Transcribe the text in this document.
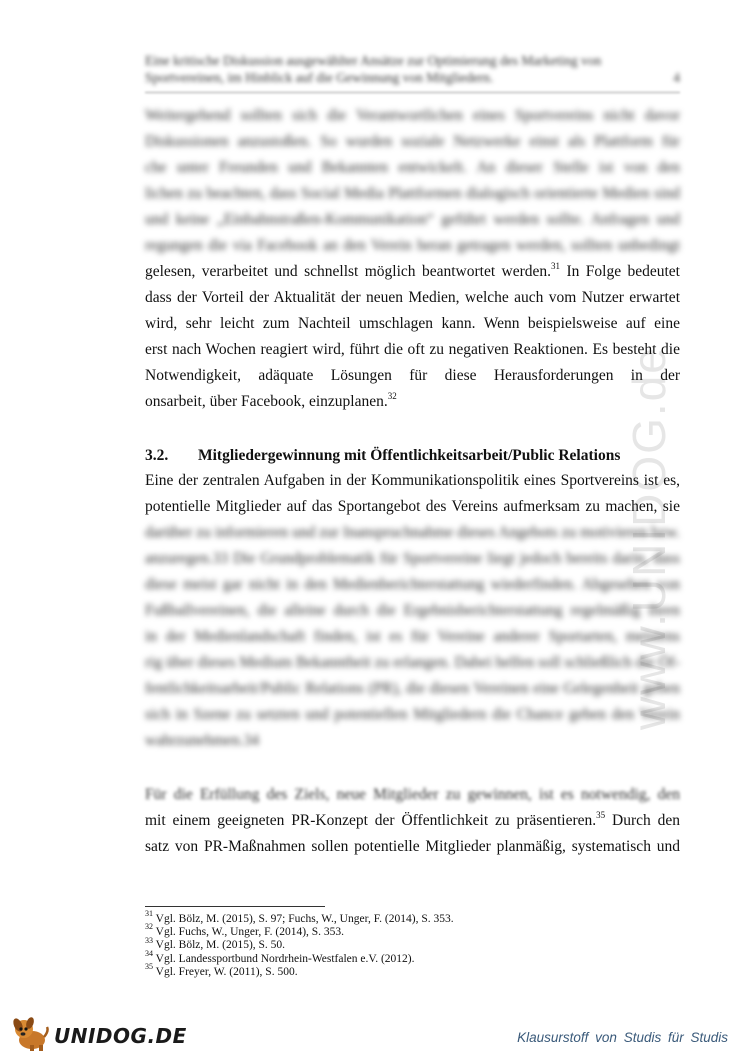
www.UNIDOG.de
Eine kritische Diskussion ausgewählter Ansätze zur Optimierung des Marketing von
Sportvereinen, im Hinblick auf die Gewinnung von Mitgliedern.	4
Weitergehend sollten sich die Verantwortlichen eines Sportvereins nicht davor
Diskussionen anzustoßen. So wurden soziale Netzwerke einst als Plattform für
che unter Freunden und Bekannten entwickelt. An dieser Stelle ist von den
lichen zu beachten, dass Social Media Plattformen dialogisch orientierte Medien sind
und keine „Einbahnstraßen-Kommunikation“ geführt werden sollte. Anfragen und
regungen die via Facebook an den Verein heran getragen werden, sollten unbedingt
gelesen, verarbeitet und schnellst möglich beantwortet werden.$^{31}$ In Folge bedeutet
dass der Vorteil der Aktualität der neuen Medien, welche auch vom Nutzer erwartet
wird, sehr leicht zum Nachteil umschlagen kann. Wenn beispielsweise auf eine
erst nach Wochen reagiert wird, führt die oft zu negativen Reaktionen. Es besteht die
Notwendigkeit, adäquate Lösungen für diese Herausforderungen in der
onsarbeit, über Facebook, einzuplanen.$^{32}$
3.2. Mitgliedergewinnung mit Öffentlichkeitsarbeit/Public Relations
Eine der zentralen Aufgaben in der Kommunikationspolitik eines Sportvereins ist es,
potentielle Mitglieder auf das Sportangebot des Vereins aufmerksam zu machen, sie
darüber zu informieren und zur Inanspruchnahme dieses Angebots zu motivieren bzw.
anzuregen.33 Die Grundproblematik für Sportvereine liegt jedoch bereits darin, dass
diese meist gar nicht in den Medienberichterstattung wiederfinden. Abgesehen von
Fußballvereinen, die alleine durch die Ergebnisberichterstattung regelmäßig ihren
in der Medienlandschaft finden, ist es für Vereine anderer Sportarten, meistens
rig über dieses Medium Bekanntheit zu erlangen. Dabei helfen soll schließlich die Öf-
fentlichkeitsarbeit/Public Relations (PR), die diesen Vereinen eine Gelegenheit geben
sich in Szene zu setzten und potentiellen Mitgliedern die Chance geben den Verein
wahrzunehmen.34
Für die Erfüllung des Ziels, neue Mitglieder zu gewinnen, ist es notwendig, den
mit einem geeigneten PR-Konzept der Öffentlichkeit zu präsentieren.$^{35}$ Durch den
satz von PR-Maßnahmen sollen potentielle Mitglieder planmäßig, systematisch und
$^{31}$ Vgl. Bölz, M. (2015), S. 97; Fuchs, W., Unger, F. (2014), S. 353.
$^{32}$ Vgl. Fuchs, W., Unger, F. (2014), S. 353.
$^{33}$ Vgl. Bölz, M. (2015), S. 50.
$^{34}$ Vgl. Landessportbund Nordrhein-Westfalen e.V. (2012).
$^{35}$ Vgl. Freyer, W. (2011), S. 500.
UNIDOG.DE	Klausurstoff von Studis für Studis
